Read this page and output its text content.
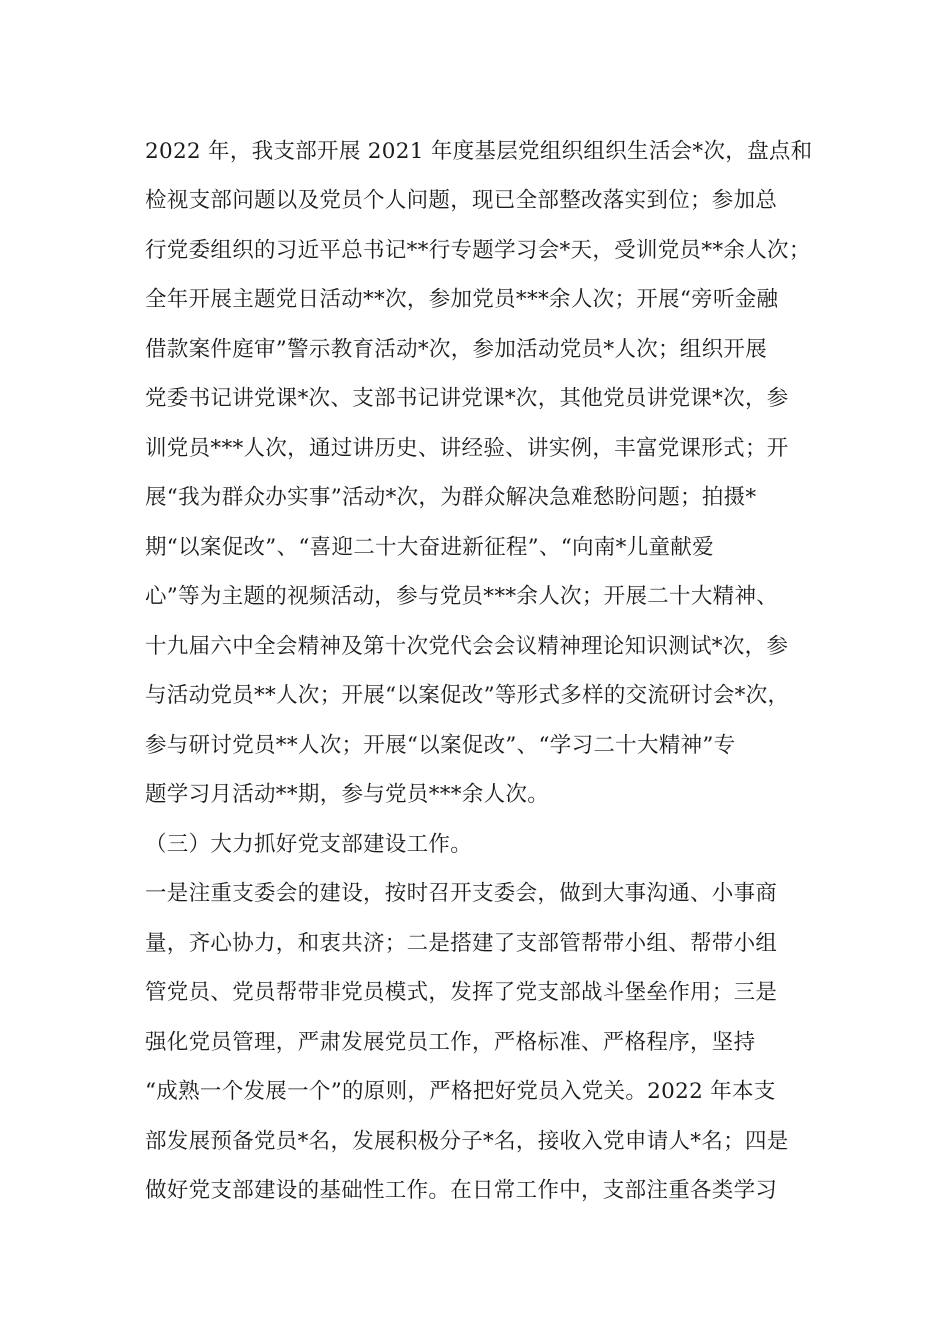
2022 年，我支部开展 2021 年度基层党组织组织生活会*次，盘点和
检视支部问题以及党员个人问题，现已全部整改落实到位；参加总
行党委组织的习近平总书记**行专题学习会*天，受训党员**余人次；
全年开展主题党日活动**次，参加党员***余人次；开展“旁听金融
借款案件庭审”警示教育活动*次，参加活动党员*人次；组织开展
党委书记讲党课*次、支部书记讲党课*次，其他党员讲党课*次，参
训党员***人次，通过讲历史、讲经验、讲实例，丰富党课形式；开
展“我为群众办实事”活动*次，为群众解决急难愁盼问题；拍摄*
期“以案促改”、“喜迎二十大奋进新征程”、“向南*儿童献爱
心”等为主题的视频活动，参与党员***余人次；开展二十大精神、
十九届六中全会精神及第十次党代会会议精神理论知识测试*次，参
与活动党员**人次；开展“以案促改”等形式多样的交流研讨会*次，
参与研讨党员**人次；开展“以案促改”、“学习二十大精神”专
题学习月活动**期，参与党员***余人次。
（三）大力抓好党支部建设工作。
一是注重支委会的建设，按时召开支委会，做到大事沟通、小事商
量，齐心协力，和衷共济；二是搭建了支部管帮带小组、帮带小组
管党员、党员帮带非党员模式，发挥了党支部战斗堡垒作用；三是
强化党员管理，严肃发展党员工作，严格标准、严格程序，坚持
“成熟一个发展一个”的原则，严格把好党员入党关。2022 年本支
部发展预备党员*名，发展积极分子*名，接收入党申请人*名；四是
做好党支部建设的基础性工作。在日常工作中，支部注重各类学习
